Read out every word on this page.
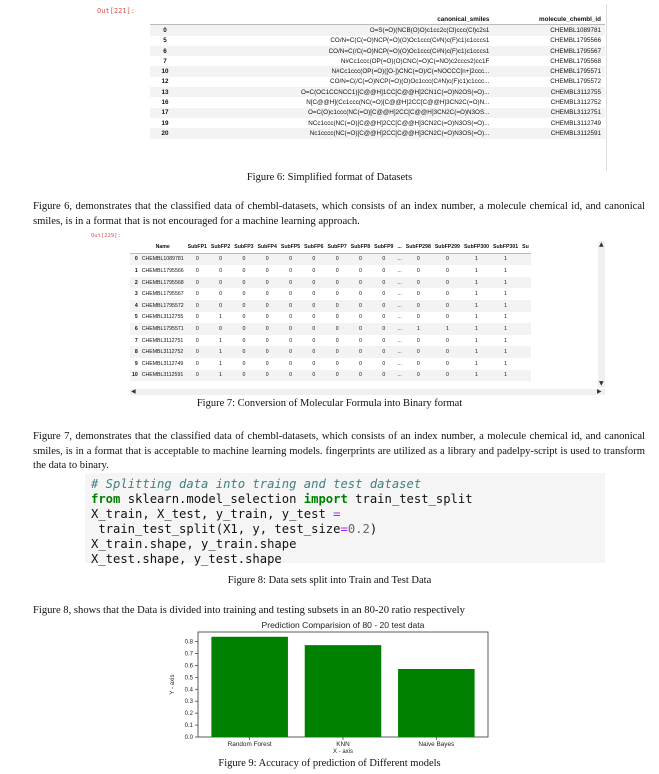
Out[221]:
	canonical_smiles	molecule_chembl_id
0	O=S(=O)(NCB(O)O)c1cc2c(Cl)ccc(Cl)c2s1	CHEMBL1089781
5	CO/N=C(C(=O)NCP(=O)(O)Oc1ccc(C#N)c(F)c1)c1cccs1	CHEMBL1795566
6	CO/N=C(/C(=O)NCP(=O)(O)Oc1ccc(C#N)c(F)c1)c1cccs1	CHEMBL1795567
7	N#Cc1ccc(OP(=O)(O)CNC(=O)C(=NO)c2cccs2)cc1F	CHEMBL1795568
10	N#Cc1ccc(OP(=O)([O-])CNC(=O)/C(=NOCCC[n+]2ccc...	CHEMBL1795571
12	CO/N=C(/C(=O)NCP(=O)(O)Oc1ccc(C#N)c(F)c1)c1ccc...	CHEMBL1795572
13	O=C(OC1CCNCC1)[C@@H]1CC[C@@H]2CN1C(=O)N2OS(=O)...	CHEMBL3112755
16	N[C@@H](Cc1ccc(NC(=O)[C@@H]2CC[C@@H]3CN2C(=O)N...	CHEMBL3112752
17	O=C(O)c1ccc(NC(=O)[C@@H]2CC[C@@H]3CN2C(=O)N3OS...	CHEMBL3112751
19	NCc1ccc(NC(=O)[C@@H]2CC[C@@H]3CN2C(=O)N3OS(=O)...	CHEMBL3112749
20	Nc1cccc(NC(=O)[C@@H]2CC[C@@H]3CN2C(=O)N3OS(=O)...	CHEMBL3112591
Figure 6: Simplified format of Datasets
Figure 6, demonstrates that the classified data of chembl-datasets, which consists of an index number, a molecule chemical id, and canonical smiles, is in a format that is not encouraged for a machine learning approach.
Out[229]:
	Name	SubFP1	SubFP2	SubFP3	SubFP4	SubFP5	SubFP6	SubFP7	SubFP8	SubFP9	...	SubFP298	SubFP299	SubFP300	SubFP301	Su
0	CHEMBL1089781	0	0	0	0	0	0	0	0	0	...	0	0	1	1	
1	CHEMBL1795566	0	0	0	0	0	0	0	0	0	...	0	0	1	1	
2	CHEMBL1795568	0	0	0	0	0	0	0	0	0	...	0	0	1	1	
3	CHEMBL1795567	0	0	0	0	0	0	0	0	0	...	0	0	1	1	
4	CHEMBL1795572	0	0	0	0	0	0	0	0	0	...	0	0	1	1	
5	CHEMBL3112755	0	1	0	0	0	0	0	0	0	...	0	0	1	1	
6	CHEMBL1795571	0	0	0	0	0	0	0	0	0	...	1	1	1	1	
7	CHEMBL3112751	0	1	0	0	0	0	0	0	0	...	0	0	1	1	
8	CHEMBL3112752	0	1	0	0	0	0	0	0	0	...	0	0	1	1	
9	CHEMBL3112749	0	1	0	0	0	0	0	0	0	...	0	0	1	1	
10	CHEMBL3112591	0	1	0	0	0	0	0	0	0	...	0	0	1	1	
▲
▼
◀	▶
Figure 7: Conversion of Molecular Formula into Binary format
Figure 7, demonstrates that the classified data of chembl-datasets, which consists of an index number, a molecule chemical id, and canonical smiles, is in a format that is acceptable to machine learning models. fingerprints are utilized as a library and padelpy-script is used to transform the data to binary.
# Splitting data into traing and test dataset
from sklearn.model_selection import train_test_split
X_train, X_test, y_train, y_test = train_test_split(X1, y, test_size=0.2)
X_train.shape, y_train.shape
X_test.shape, y_test.shape
Figure 8: Data sets split into Train and Test Data
Figure 8, shows that the Data is divided into training and testing subsets in an 80-20 ratio respectively
Prediction Comparision of 80 - 20 test data
0.0
0.1
0.2
0.3
0.4
0.5
0.6
0.7
0.8
Random Forest	KNN	Naive Bayes
X - axis
Y - axis
Figure 9: Accuracy of prediction of Different models
